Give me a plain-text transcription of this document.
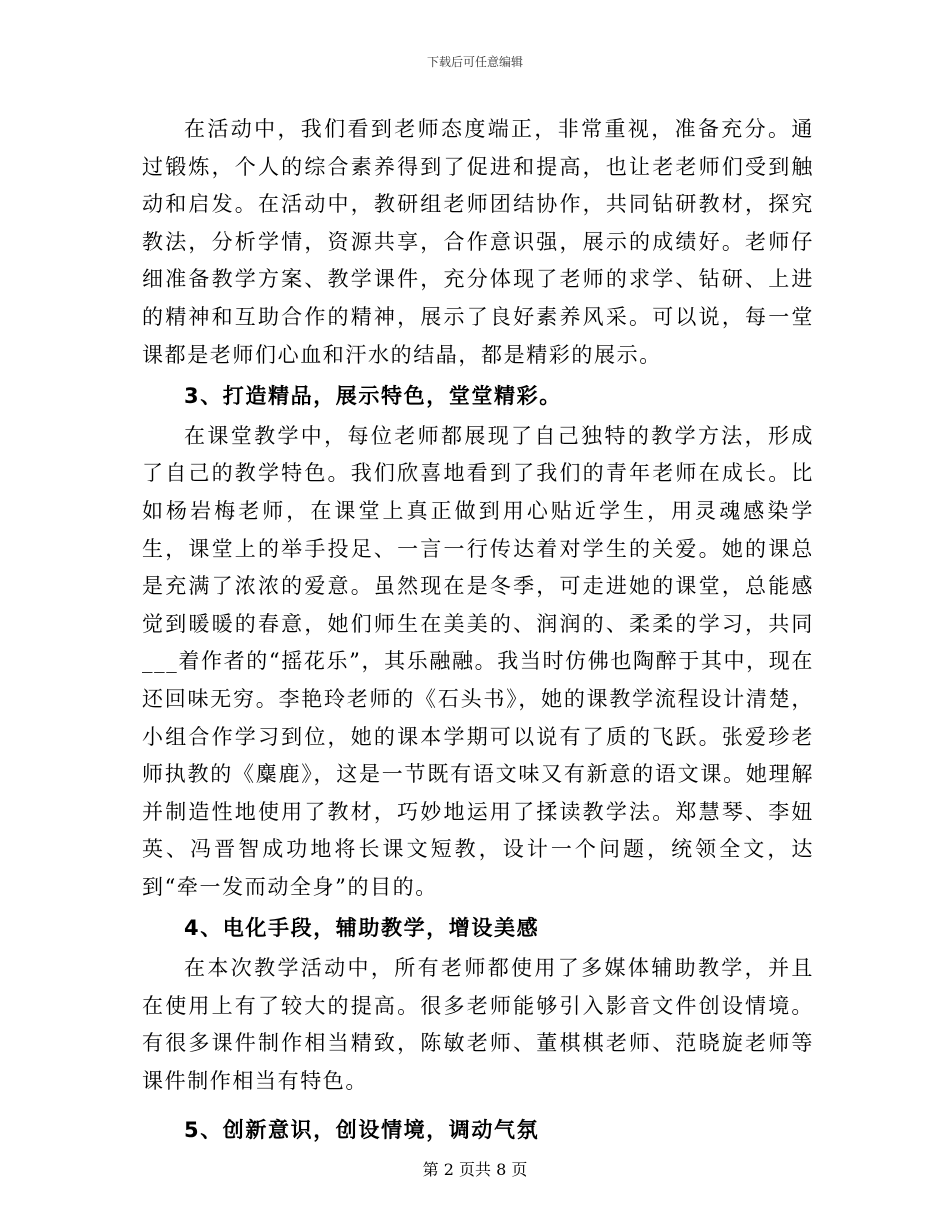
下载后可任意编辑

在活动中，我们看到老师态度端正，非常重视，准备充分。通过锻炼，个人的综合素养得到了促进和提高，也让老老师们受到触动和启发。在活动中，教研组老师团结协作，共同钻研教材，探究教法，分析学情，资源共享，合作意识强，展示的成绩好。老师仔细准备教学方案、教学课件，充分体现了老师的求学、钻研、上进的精神和互助合作的精神，展示了良好素养风采。可以说，每一堂课都是老师们心血和汗水的结晶，都是精彩的展示。

3、打造精品，展示特色，堂堂精彩。

在课堂教学中，每位老师都展现了自己独特的教学方法，形成了自己的教学特色。我们欣喜地看到了我们的青年老师在成长。比如杨岩梅老师，在课堂上真正做到用心贴近学生，用灵魂感染学生，课堂上的举手投足、一言一行传达着对学生的关爱。她的课总是充满了浓浓的爱意。虽然现在是冬季，可走进她的课堂，总能感觉到暖暖的春意，她们师生在美美的、润润的、柔柔的学习，共同___着作者的“摇花乐”，其乐融融。我当时仿佛也陶醉于其中，现在还回味无穷。李艳玲老师的《石头书》，她的课教学流程设计清楚，小组合作学习到位，她的课本学期可以说有了质的飞跃。张爱珍老师执教的《麋鹿》，这是一节既有语文味又有新意的语文课。她理解并制造性地使用了教材，巧妙地运用了揉读教学法。郑慧琴、李妞英、冯晋智成功地将长课文短教，设计一个问题，统领全文，达到“牵一发而动全身”的目的。

4、电化手段，辅助教学，增设美感

在本次教学活动中，所有老师都使用了多媒体辅助教学，并且在使用上有了较大的提高。很多老师能够引入影音文件创设情境。有很多课件制作相当精致，陈敏老师、董棋棋老师、范晓旋老师等课件制作相当有特色。

5、创新意识，创设情境，调动气氛

第 2 页共 8 页
